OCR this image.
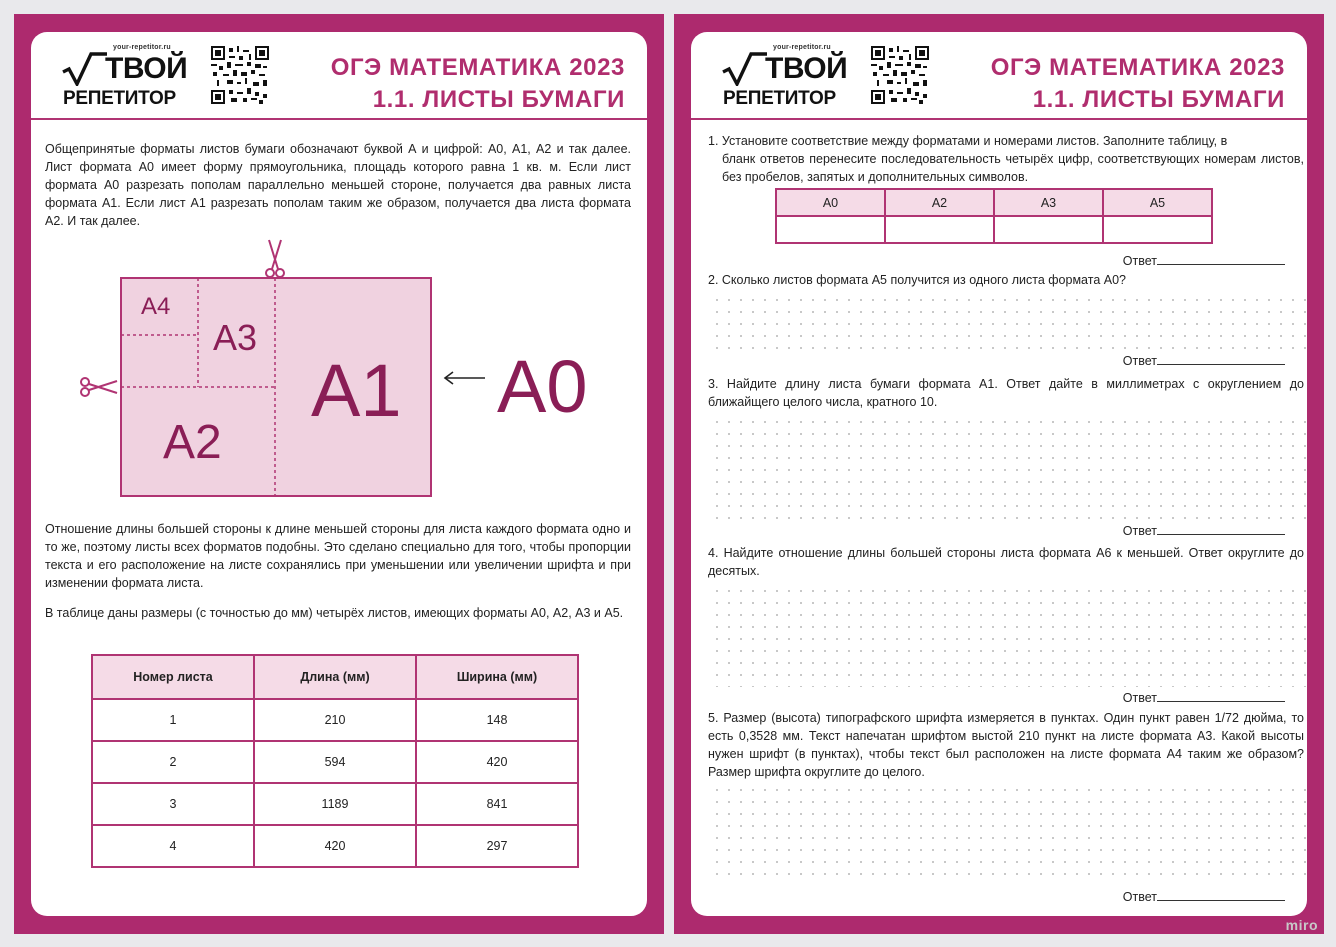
your-repetitor.ru
ТВОЙ
РЕПЕТИТОР
ОГЭ МАТЕМАТИКА 2023
1.1. ЛИСТЫ БУМАГИ

Общепринятые форматы листов бумаги обозначают буквой А и цифрой: А0, А1, А2 и так далее. Лист формата А0 имеет форму прямоугольника, площадь которого равна 1 кв. м. Если лист формата А0 разрезать пополам параллельно меньшей стороне, получается два равных листа формата А1. Если лист А1 разрезать пополам таким же образом, получается два листа формата А2. И так далее.

А4
А3
А2
А1 А0

Отношение длины большей стороны к длине меньшей стороны для листа каждого формата одно и то же, поэтому листы всех форматов подобны. Это сделано специально для того, чтобы пропорции текста и его расположение на листе сохранялись при уменьшении или увеличении шрифта и при изменении формата листа.

В таблице даны размеры (с точностью до мм) четырёх листов, имеющих форматы А0, А2, А3 и А5.

Номер листа	Длина (мм)	Ширина (мм)
1	210	148
2	594	420
3	1189	841
4	420	297
your-repetitor.ru
ТВОЙ
РЕПЕТИТОР
ОГЭ МАТЕМАТИКА 2023
1.1. ЛИСТЫ БУМАГИ

1. Установите соответствие между форматами и номерами листов. Заполните таблицу, в
бланк ответов перенесите последовательность четырёх цифр, соответствующих номерам листов, без пробелов, запятых и дополнительных символов.

А0	А2	А3	А5

Ответ

2. Сколько листов формата А5 получится из одного листа формата А0?

Ответ

3. Найдите длину листа бумаги формата А1. Ответ дайте в миллиметрах с округлением до ближайщего целого числа, кратного 10.

Ответ

4. Найдите отношение длины большей стороны листа формата А6 к меньшей. Ответ округлите до десятых.

Ответ

5. Размер (высота) типографского шрифта измеряется в пунктах. Один пункт равен 1/72 дюйма, то есть 0,3528 мм. Текст напечатан шрифтом выстой 210 пункт на листе формата А3. Какой высоты нужен шрифт (в пунктах), чтобы текст был расположен на листе формата А4 таким же образом? Размер шрифта округлите до целого.

Ответ
miro
